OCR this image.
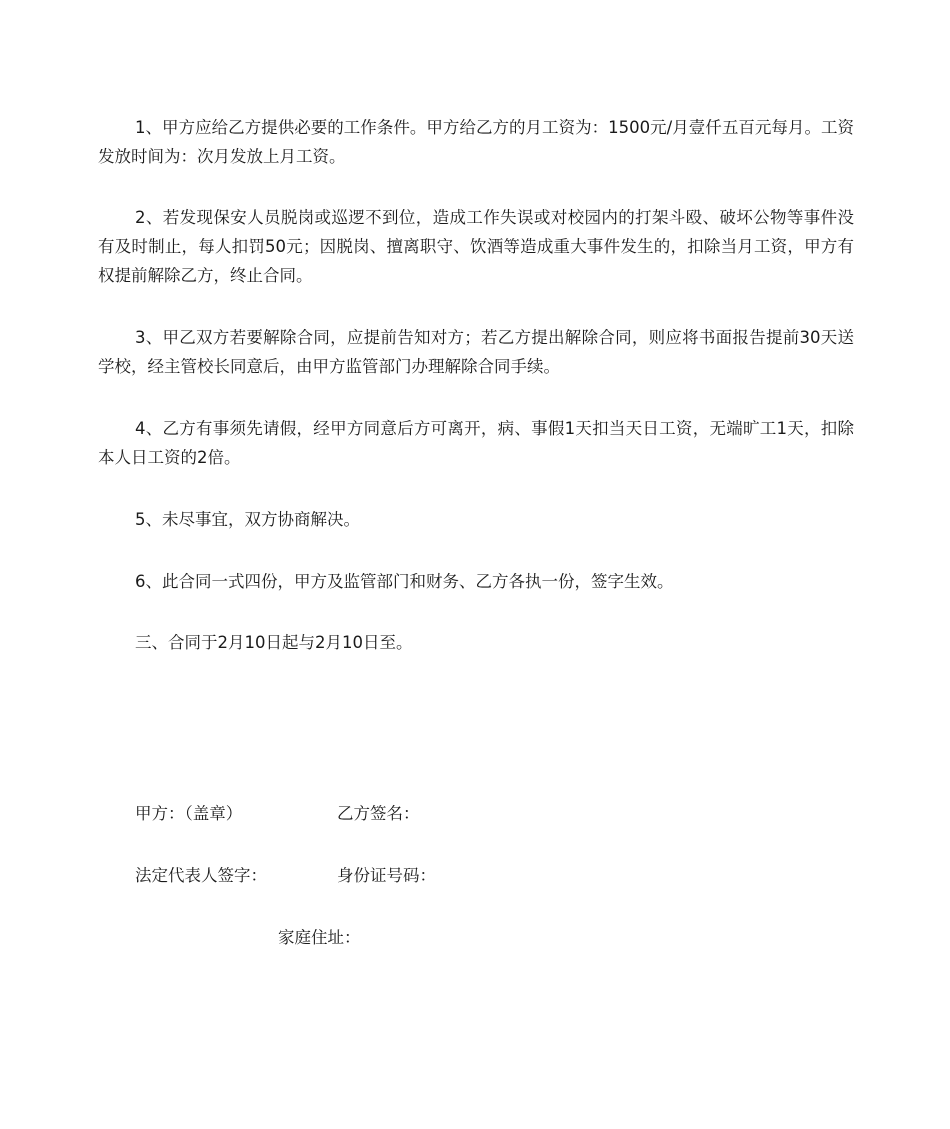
1、甲方应给乙方提供必要的工作条件。甲方给乙方的月工资为：1500元/月壹仟五百元每月。工资发放时间为：次月发放上月工资。

2、若发现保安人员脱岗或巡逻不到位，造成工作失误或对校园内的打架斗殴、破坏公物等事件没有及时制止，每人扣罚50元；因脱岗、擅离职守、饮酒等造成重大事件发生的，扣除当月工资，甲方有权提前解除乙方，终止合同。

3、甲乙双方若要解除合同，应提前告知对方；若乙方提出解除合同，则应将书面报告提前30天送学校，经主管校长同意后，由甲方监管部门办理解除合同手续。

4、乙方有事须先请假，经甲方同意后方可离开，病、事假1天扣当天日工资，无端旷工1天，扣除本人日工资的2倍。

5、未尽事宜，双方协商解决。

6、此合同一式四份，甲方及监管部门和财务、乙方各执一份，签字生效。

三、合同于2月10日起与2月10日至。

甲方：（盖章）	乙方签名：

法定代表人签字：	身份证号码：

家庭住址：
